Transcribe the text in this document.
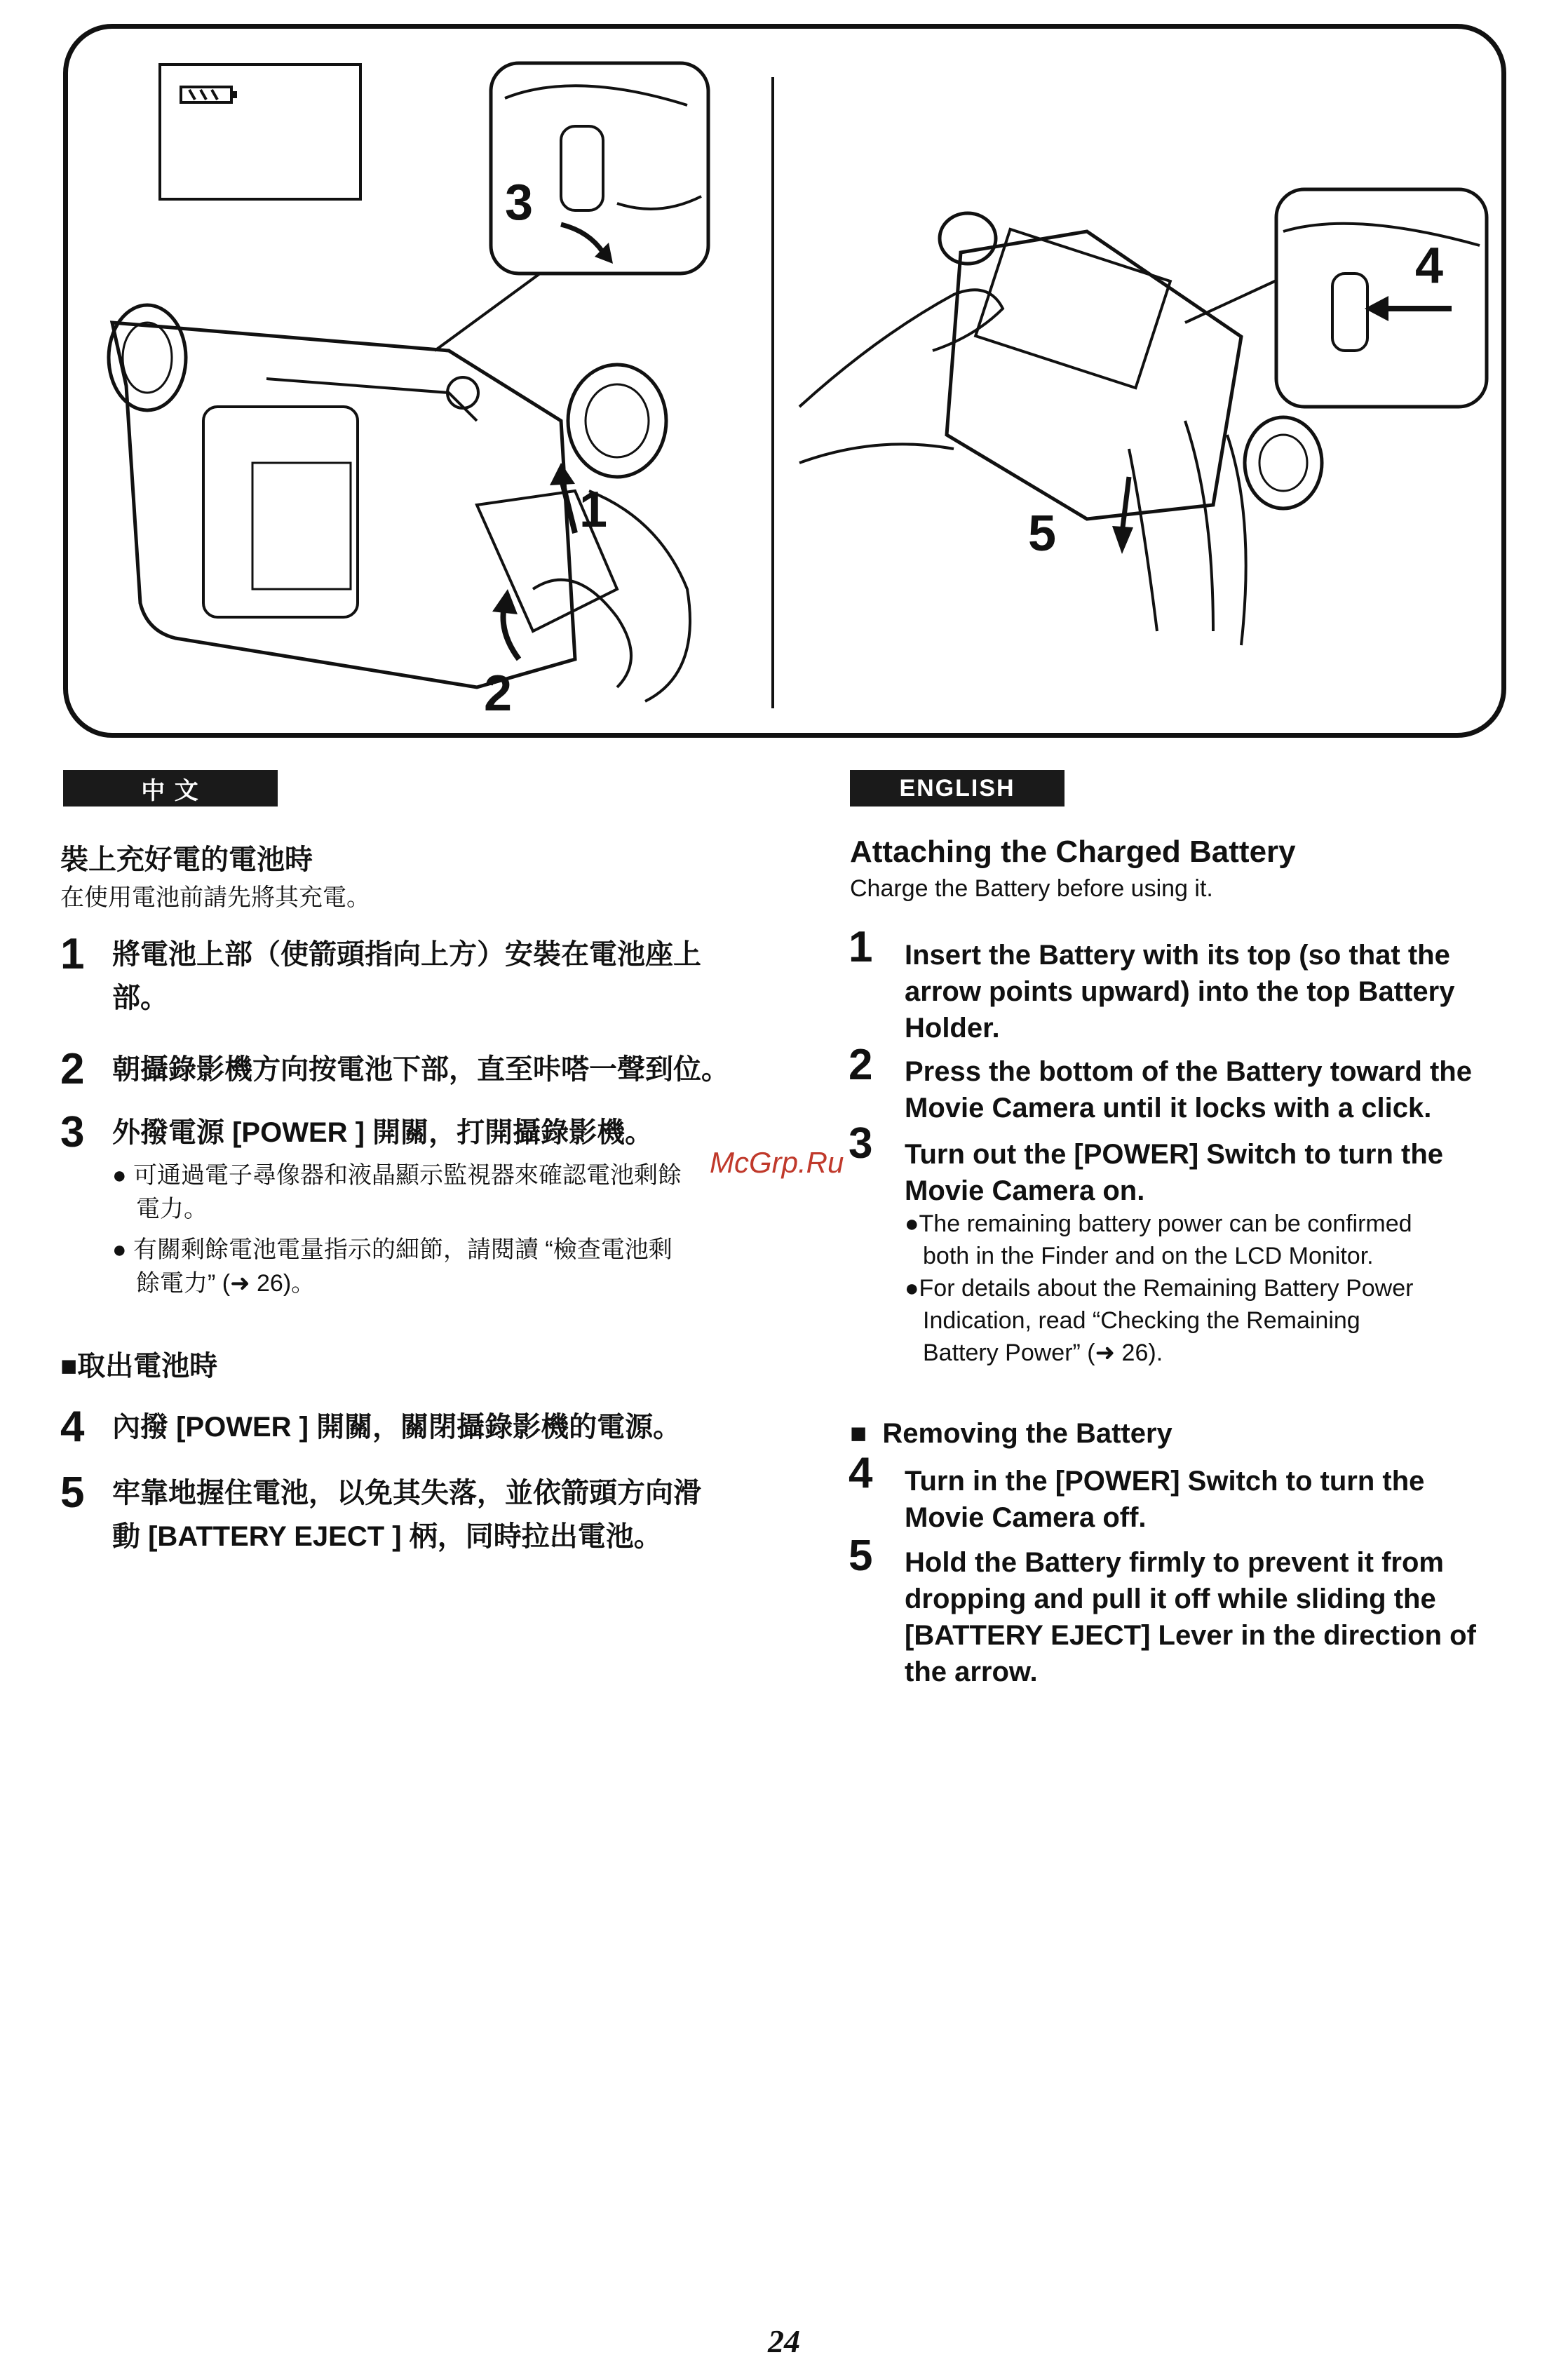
1
2
3
4
5
中 文
裝上充好電的電池時
在使用電池前請先將其充電。
1 將電池上部（使箭頭指向上方）安裝在電池座上
部。
2 朝攝錄影機方向按電池下部，直至咔嗒一聲到位。
3 外撥電源 [POWER ] 開關，打開攝錄影機。
● 可通過電子尋像器和液晶顯示監視器來確認電池剩餘
電力。
● 有關剩餘電池電量指示的細節，請閱讀 “檢查電池剩
餘電力” (➜ 26)。
■取出電池時
4 內撥 [POWER ] 開關，關閉攝錄影機的電源。
5 牢靠地握住電池，以免其失落，並依箭頭方向滑
動 [BATTERY EJECT ] 柄，同時拉出電池。
ENGLISH
Attaching the Charged Battery
Charge the Battery before using it.
1 Insert the Battery with its top (so that the
arrow points upward) into the top Battery
Holder.
2 Press the bottom of the Battery toward the
Movie Camera until it locks with a click.
3 Turn out the [POWER] Switch to turn the
Movie Camera on.
●The remaining battery power can be confirmed
both in the Finder and on the LCD Monitor.
●For details about the Remaining Battery Power
Indication, read “Checking the Remaining
Battery Power” (➜ 26).
■  Removing the Battery
4 Turn in the [POWER] Switch to turn the
Movie Camera off.
5 Hold the Battery firmly to prevent it from
dropping and pull it off while sliding the
[BATTERY EJECT] Lever in the direction of
the arrow.
McGrp.Ru
24
